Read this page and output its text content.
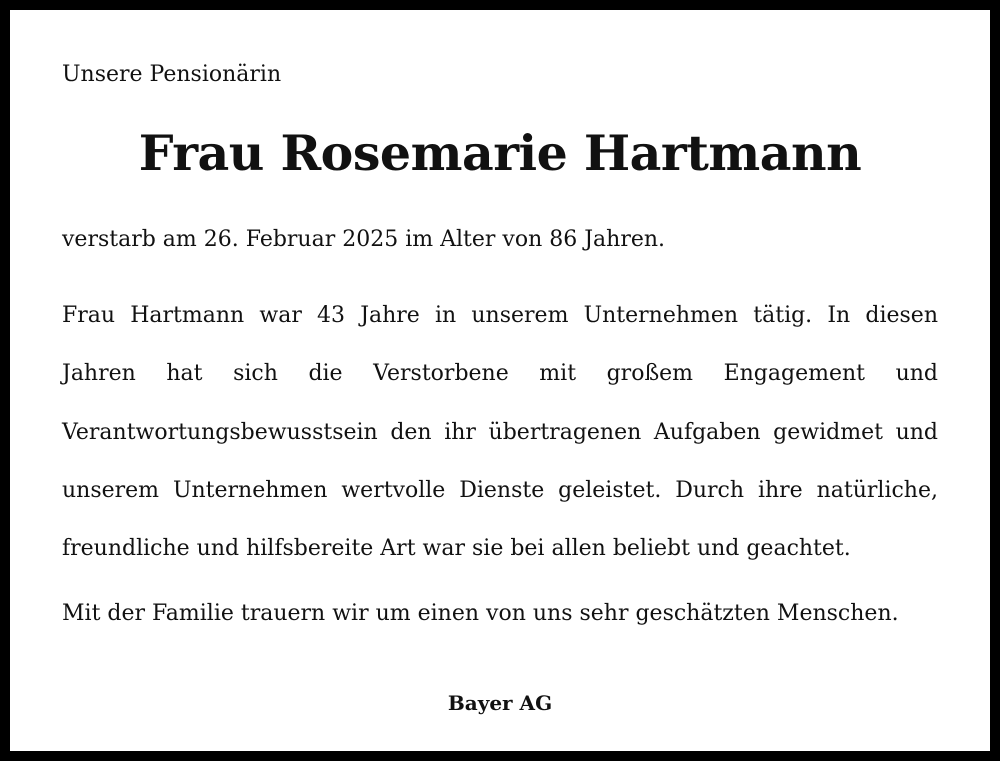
Unsere Pensionärin
Frau Rosemarie Hartmann
verstarb am 26. Februar 2025 im Alter von 86 Jahren.
Frau Hartmann war 43 Jahre in unserem Unternehmen tätig. In diesen
Jahren hat sich die Verstorbene mit großem Engagement und
Verantwortungsbewusstsein den ihr übertragenen Aufgaben gewidmet und
unserem Unternehmen wertvolle Dienste geleistet. Durch ihre natürliche,
freundliche und hilfsbereite Art war sie bei allen beliebt und geachtet.
Mit der Familie trauern wir um einen von uns sehr geschätzten Menschen.
Bayer AG
